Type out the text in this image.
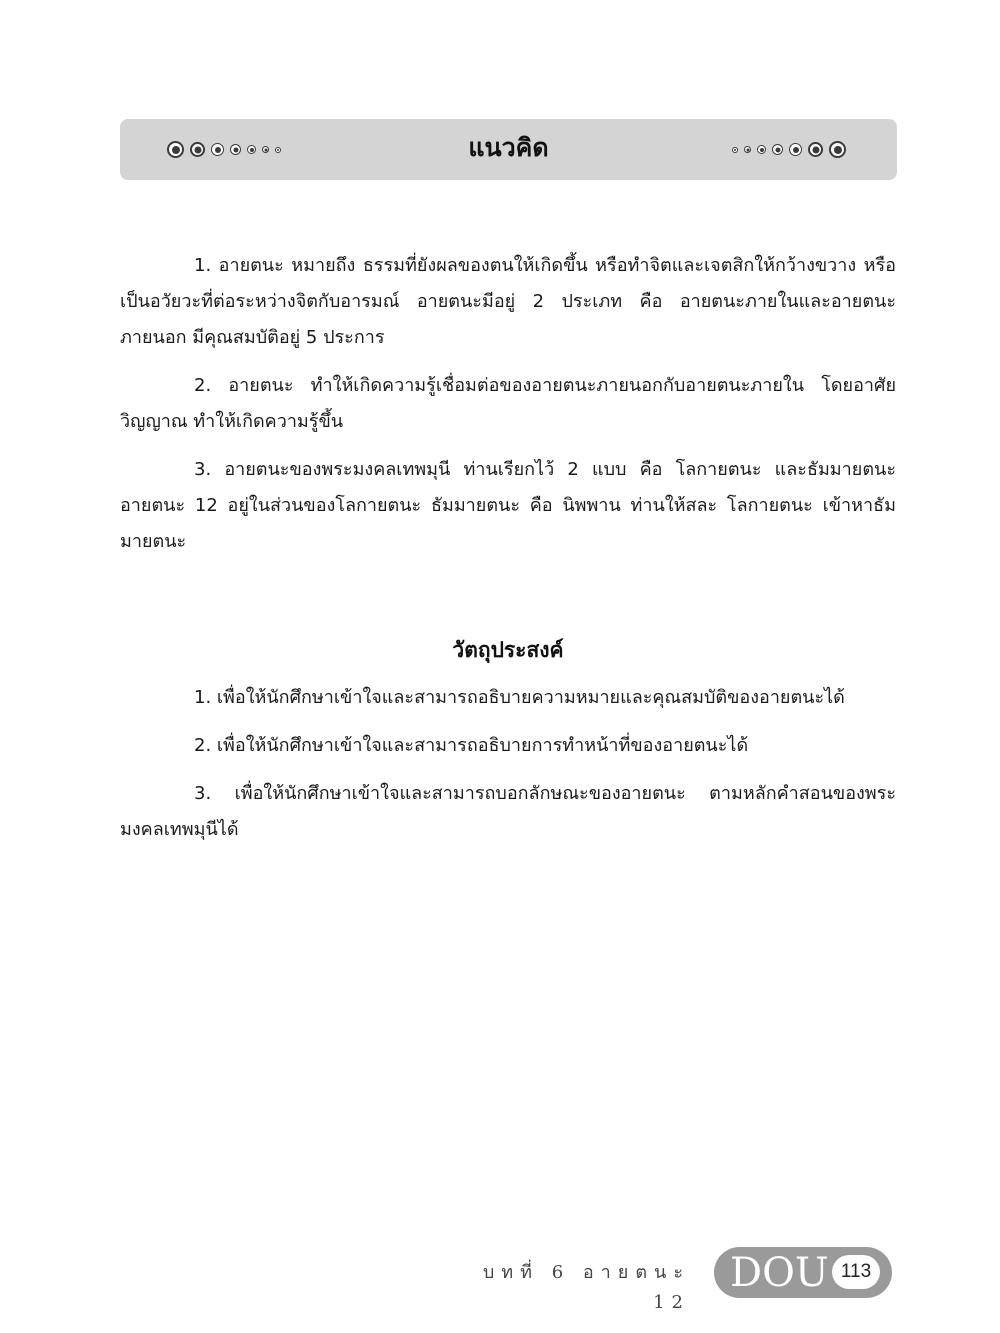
แนวคิด

1. อายตนะ หมายถึง ธรรมที่ยังผลของตนให้เกิดขึ้น หรือทำจิตและเจตสิกให้กว้างขวาง หรือ เป็นอวัยวะที่ต่อระหว่างจิตกับอารมณ์ อายตนะมีอยู่ 2 ประเภท คือ อายตนะภายในและอายตนะภายนอก มีคุณสมบัติอยู่ 5 ประการ

2. อายตนะ ทำให้เกิดความรู้เชื่อมต่อของอายตนะภายนอกกับอายตนะภายใน โดยอาศัยวิญญาณ ทำให้เกิดความรู้ขึ้น

3. อายตนะของพระมงคลเทพมุนี ท่านเรียกไว้ 2 แบบ คือ โลกายตนะ และธัมมายตนะ อายตนะ 12 อยู่ในส่วนของโลกายตนะ ธัมมายตนะ คือ นิพพาน ท่านให้สละ โลกายตนะ เข้าหาธัมมายตนะ

วัตถุประสงค์

1. เพื่อให้นักศึกษาเข้าใจและสามารถอธิบายความหมายและคุณสมบัติของอายตนะได้

2. เพื่อให้นักศึกษาเข้าใจและสามารถอธิบายการทำหน้าที่ของอายตนะได้

3. เพื่อให้นักศึกษาเข้าใจและสามารถบอกลักษณะของอายตนะ ตามหลักคำสอนของพระมงคลเทพมุนีได้

บทที่ 6 อายตนะ 12
DOU 113
